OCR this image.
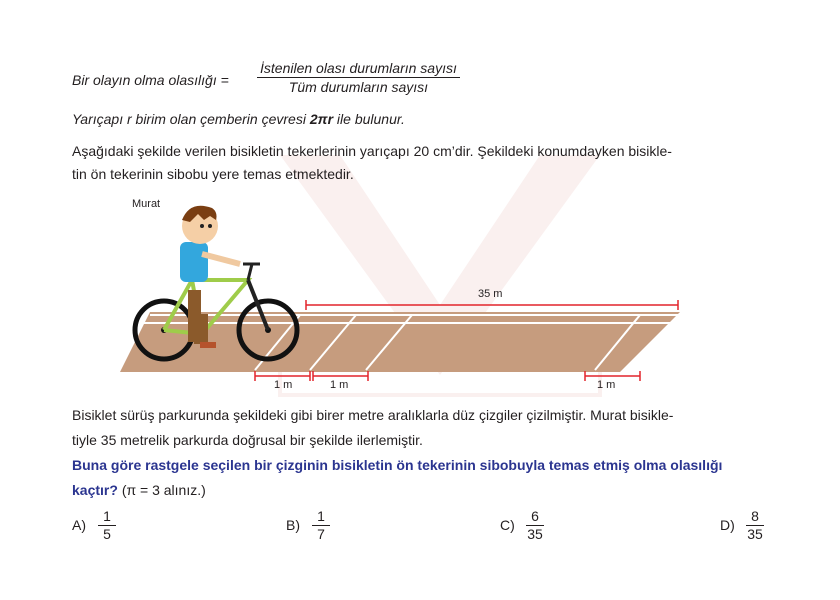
Bir olayın olma olasılığı =
İstenilen olası durumların sayısı
Tüm durumların sayısı
Yarıçapı r birim olan çemberin çevresi 2πr ile bulunur.
Aşağıdaki şekilde verilen bisikletin tekerlerinin yarıçapı 20 cm’dir. Şekildeki konumdayken bisikle-
tin ön tekerinin sibobu yere temas etmektedir.
Murat
35 m
1 m	1 m	1 m
Bisiklet sürüş parkurunda şekildeki gibi birer metre aralıklarla düz çizgiler çizilmiştir. Murat bisikle-
tiyle 35 metrelik parkurda doğrusal bir şekilde ilerlemiştir.
Buna göre rastgele seçilen bir çizginin bisikletin ön tekerinin sibobuyla temas etmiş olma olasılığı
kaçtır? (π = 3 alınız.)
$A) \frac{1}{5}$	$B) \frac{1}{7}$	$C) \frac{6}{35}$	$D) \frac{8}{35}$
